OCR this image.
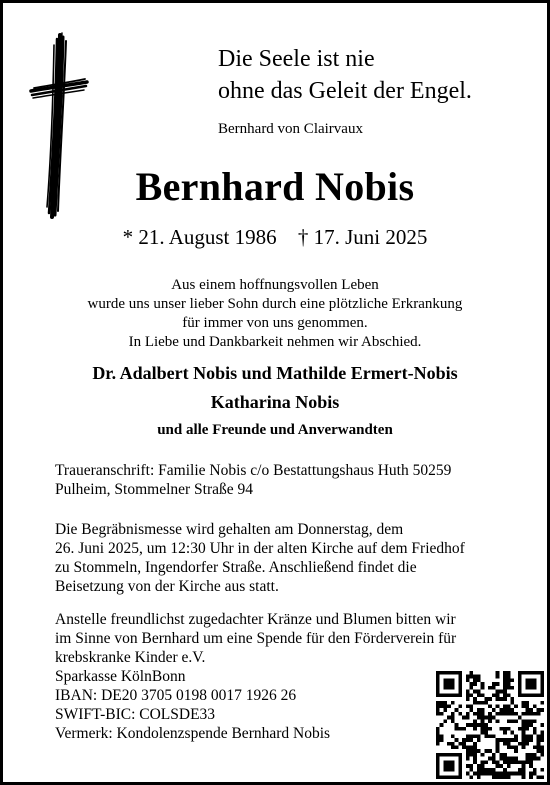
Die Seele ist nie
ohne das Geleit der Engel.
Bernhard von Clairvaux
Bernhard Nobis
* 21. August 1986 † 17. Juni 2025
Aus einem hoffnungsvollen Leben
wurde uns unser lieber Sohn durch eine plötzliche Erkrankung
für immer von uns genommen.
In Liebe und Dankbarkeit nehmen wir Abschied.
Dr. Adalbert Nobis und Mathilde Ermert-Nobis
Katharina Nobis
und alle Freunde und Anverwandten
Traueranschrift: Familie Nobis c/o Bestattungshaus Huth 50259
Pulheim, Stommelner Straße 94
Die Begräbnismesse wird gehalten am Donnerstag, dem
26. Juni 2025, um 12:30 Uhr in der alten Kirche auf dem Friedhof
zu Stommeln, Ingendorfer Straße. Anschließend findet die
Beisetzung von der Kirche aus statt.
Anstelle freundlichst zugedachter Kränze und Blumen bitten wir
im Sinne von Bernhard um eine Spende für den Förderverein für
krebskranke Kinder e.V.
Sparkasse KölnBonn
IBAN: DE20 3705 0198 0017 1926 26
SWIFT-BIC: COLSDE33
Vermerk: Kondolenzspende Bernhard Nobis
